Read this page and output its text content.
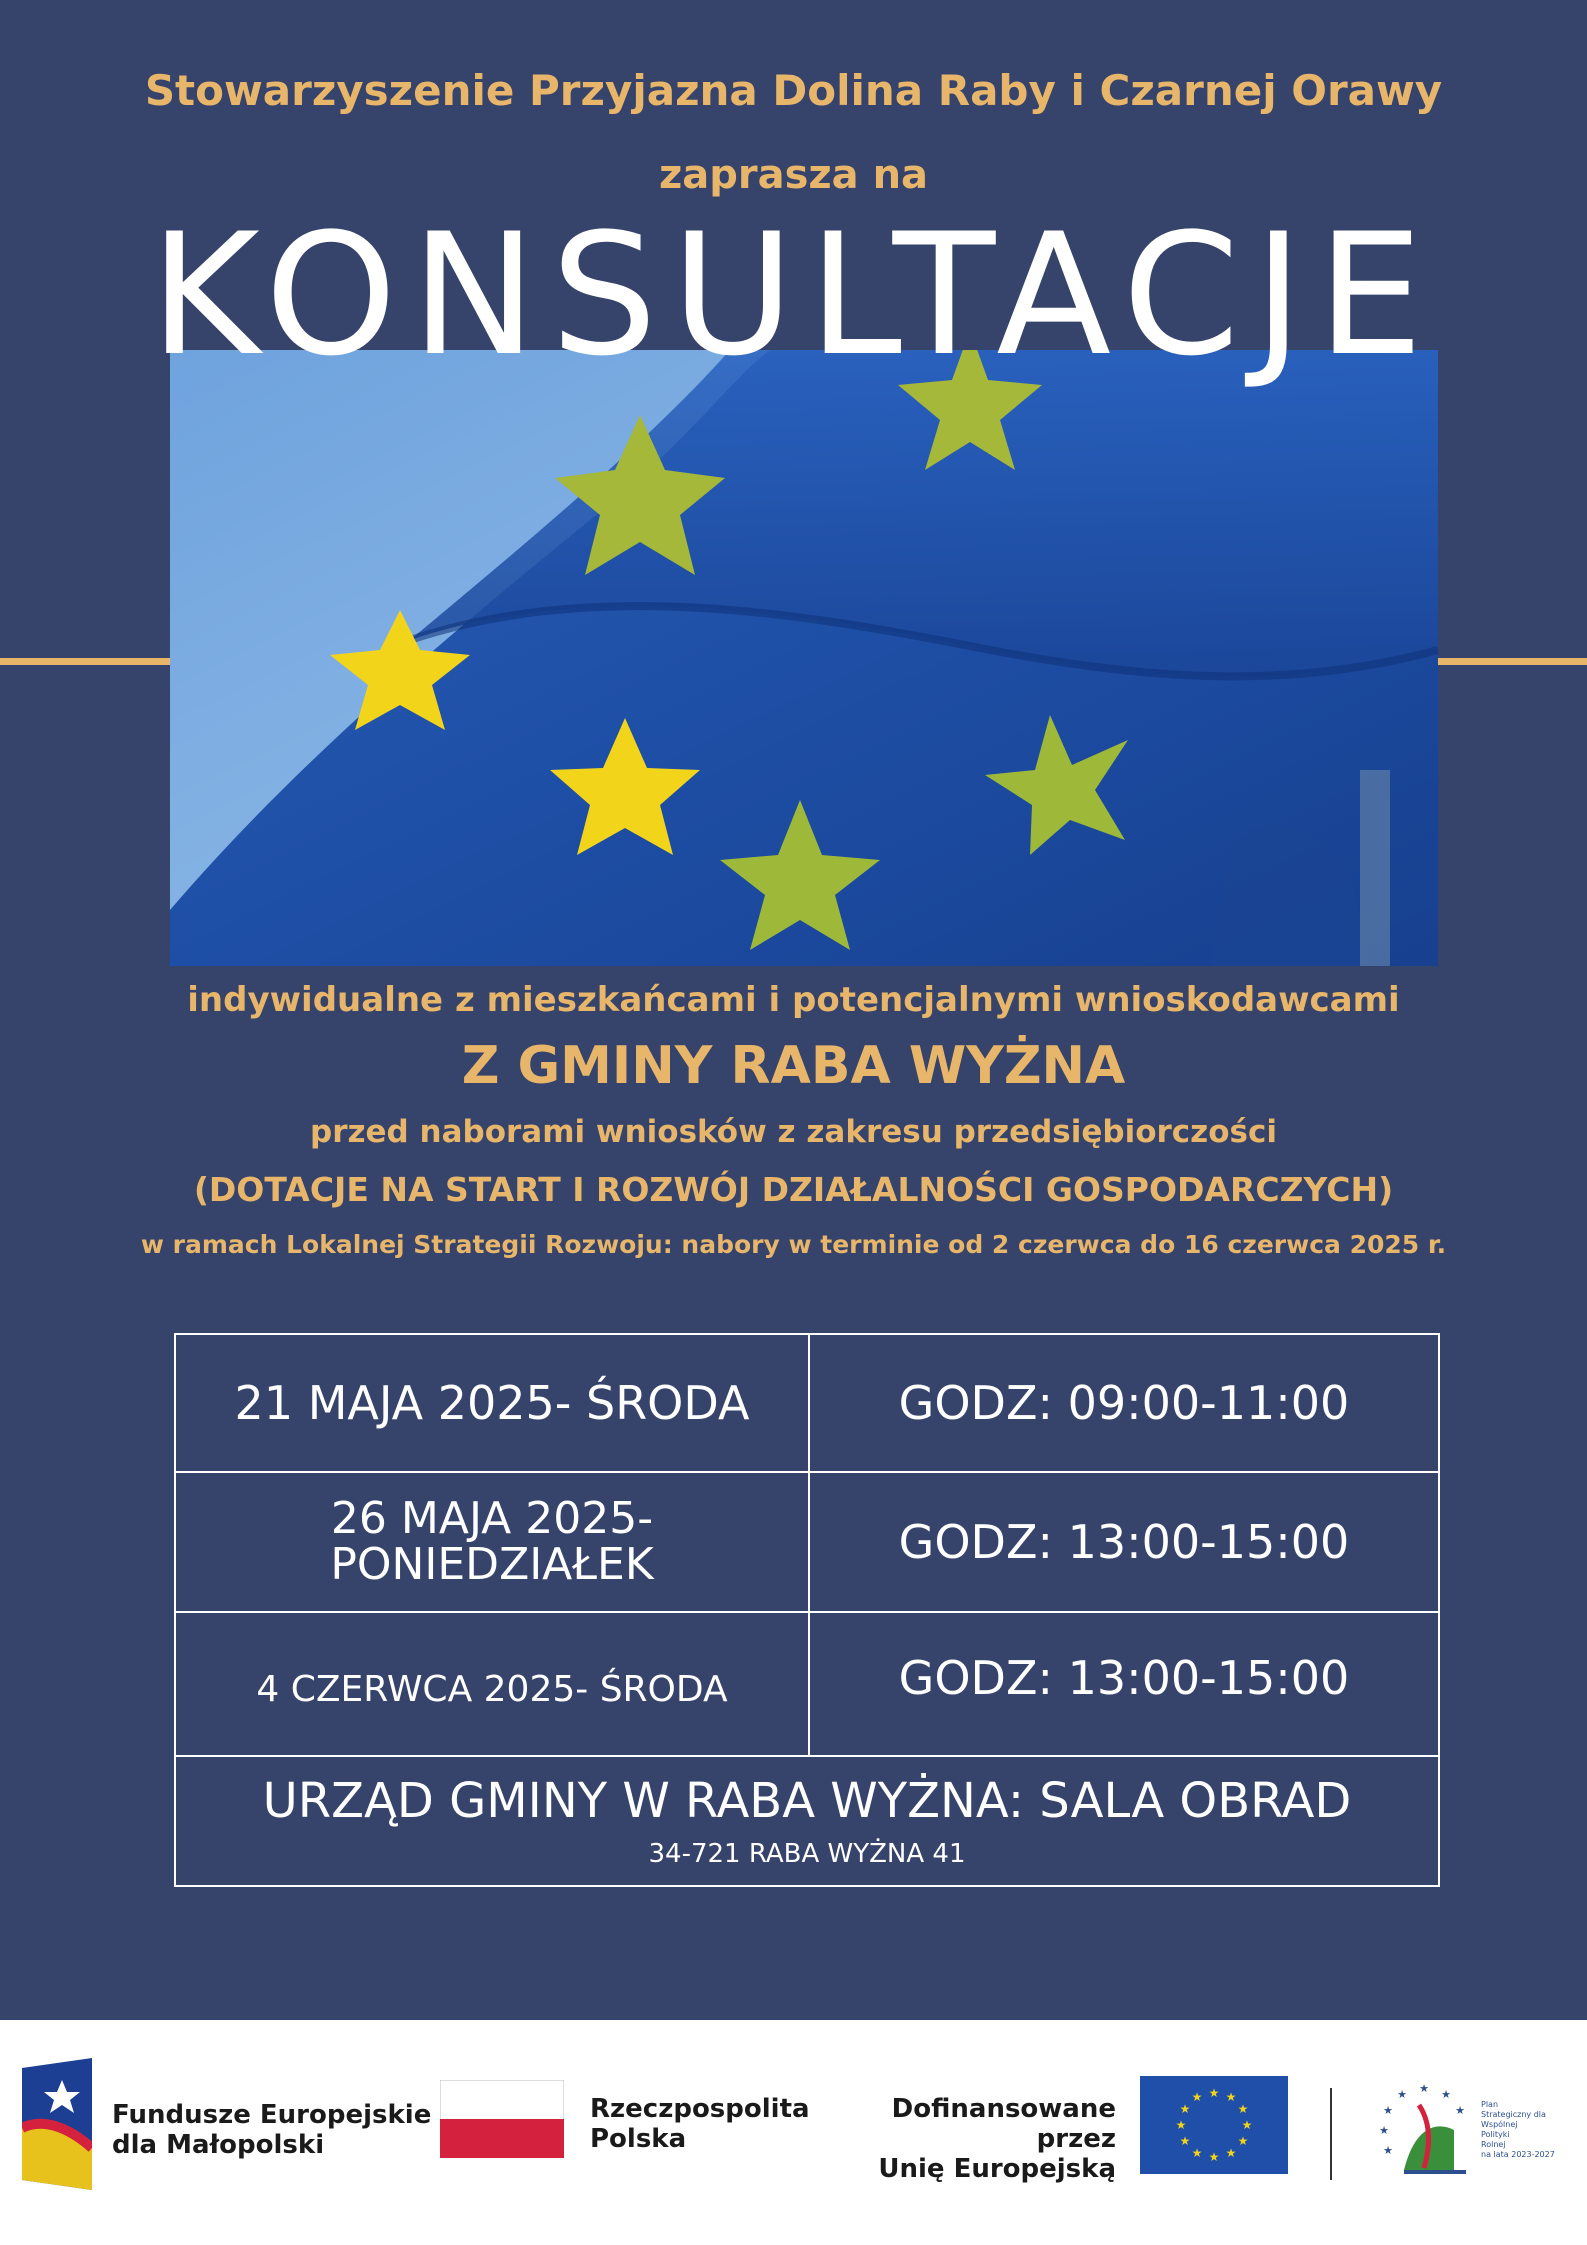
Stowarzyszenie Przyjazna Dolina Raby i Czarnej Orawy
zaprasza na
KONSULTACJE
indywidualne z mieszkańcami i potencjalnymi wnioskodawcami
Z GMINY RABA WYŻNA
przed naborami wniosków z zakresu przedsiębiorczości
(DOTACJE NA START I ROZWÓJ DZIAŁALNOŚCI GOSPODARCZYCH)
w ramach Lokalnej Strategii Rozwoju: nabory w terminie od 2 czerwca do 16 czerwca 2025 r.
21 MAJA 2025- ŚRODA	GODZ: 09:00-11:00
26 MAJA 2025-
PONIEDZIAŁEK	GODZ: 13:00-15:00
4 CZERWCA 2025- ŚRODA	GODZ: 13:00-15:00
URZĄD GMINY W RABA WYŻNA: SALA OBRAD
34-721 RABA WYŻNA 41
Fundusze Europejskie
dla Małopolski
Rzeczpospolita
Polska
Dofinansowane przez
Unię Europejską
★ ★
★
★
★
★
★
★
★
★
★
★
★ ★
★
★
★
★
★
Plan
Strategiczny dla
Wspólnej
Polityki
Rolnej
na lata 2023-2027
